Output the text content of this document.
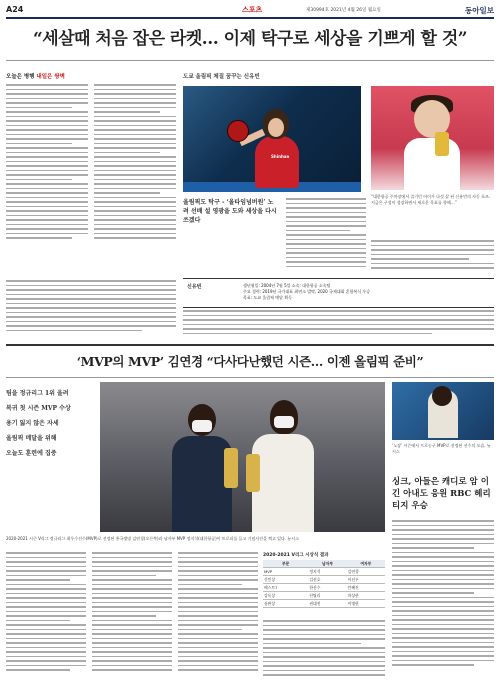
A24	스포츠	제30994호 2021년 4월 26일 월요일	동아일보
“세살때 처음 잡은 라켓… 이제 탁구로 세상을 기쁘게 할 것”
오늘은 병행 내일은 쌍벽	도쿄 올림픽 체질 꿈꾸는 신유빈
Shinhan
“대한항공 주차장에서 즐기던 아이가 다섯 살 된 신유빈의 자동 포즈. 지금은 구성이 성장하면서 새로운 목표를 향해…”
올림픽도 탁구 - ‘올타임넘버원’ 노려 선배 설 영광을 도와 세상을 다시 쓰겠다
신유빈	생년월일: 2004년 7월 5일 소속: 대한항공 소속팀
주요 경력: 2019년 국가대표 최연소 발탁, 2020 국제대회 혼합복식 우승
목표: 도쿄 올림픽 메달 획득
‘MVP의 MVP’ 김연경 “다사다난했던 시즌… 이젠 올림픽 준비”
팀을 정규리그 1위 올려
복귀 첫 시즌 MVP 수상
용기 잃지 않은 자세
올림픽 메달을 위해
오늘도 훈련에 집중
‘노장’ 시즌에서 프로농구 MVP로 선정된 선수의 모습. 뉴시스
싱크, 아들은 캐디로 암 이긴 아내도 응원 RBC 헤리티지 우승
2020-2021 시즌 V리그 정규리그 최우수선수(MVP)로 선정된 흥국생명 김연경(오른쪽)과 남자부 MVP 정지석(대한항공)이 트로피를 들고 기념사진을 찍고 있다. 뉴시스
2020-2021 V리그 시상식 결과
부문	남자부	여자부
MVP	정지석	김연경
신인상	김선호	이선우
베스트7	한선수	안혜진
감독상	산틸리	차상현
심판상	권대진	이명현
